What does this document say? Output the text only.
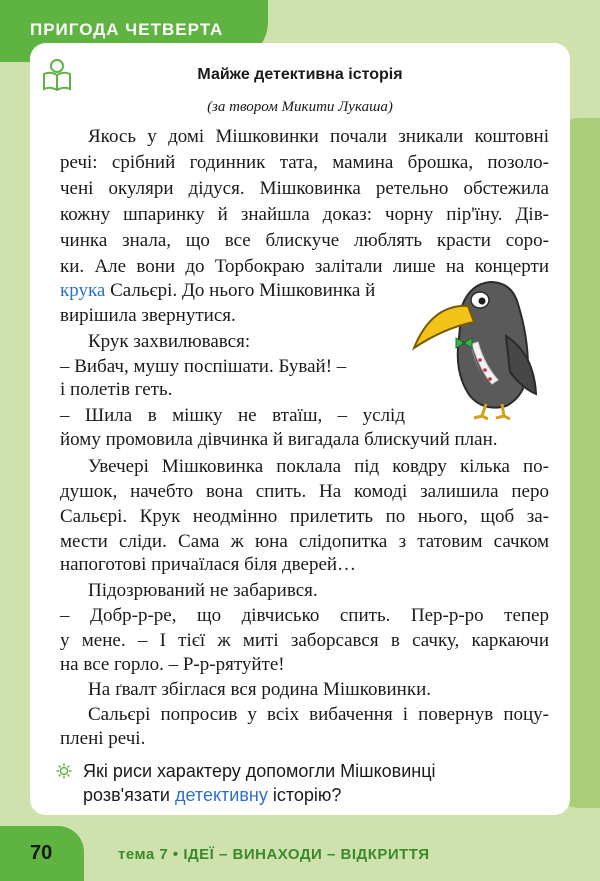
ПРИГОДА ЧЕТВЕРТА
Майже детективна історія
(за твором Микити Лукаша)
Якось у домі Мішковинки почали зникали коштовні
речі: срібний годинник тата, мамина брошка, позоло-
чені окуляри дідуся. Мішковинка ретельно обстежила
кожну шпаринку й знайшла доказ: чорну пір'їну. Дів-
чинка знала, що все блискуче люблять красти соро-
ки. Але вони до Торбокраю залітали лише на концерти
крука Сальєрі. До нього Мішковинка й
вирішила звернутися.
Крук захвилювався:
– Вибач, мушу поспішати. Бувай! –
і полетів геть.
– Шила в мішку не втаїш, – услід
йому промовила дівчинка й вигадала блискучий план.
Увечері Мішковинка поклала під ковдру кілька по-
душок, начебто вона спить. На комоді залишила перо
Сальєрі. Крук неодмінно прилетить по нього, щоб за-
мести сліди. Сама ж юна слідопитка з татовим сачком
напоготові причаїлася біля дверей…
Підозрюваний не забарився.
– Добр-р-ре, що дівчисько спить. Пер-р-ро тепер
у мене. – І тієї ж миті заборсався в сачку, каркаючи
на все горло. – Р-р-рятуйте!
На ґвалт збіглася вся родина Мішковинки.
Сальєрі попросив у всіх вибачення і повернув поцу-
плені речі.
Які риси характеру допомогли Мішковинці
розв'язати детективну історію?
70	тема 7 • ІДЕЇ – ВИНАХОДИ – ВІДКРИТТЯ
